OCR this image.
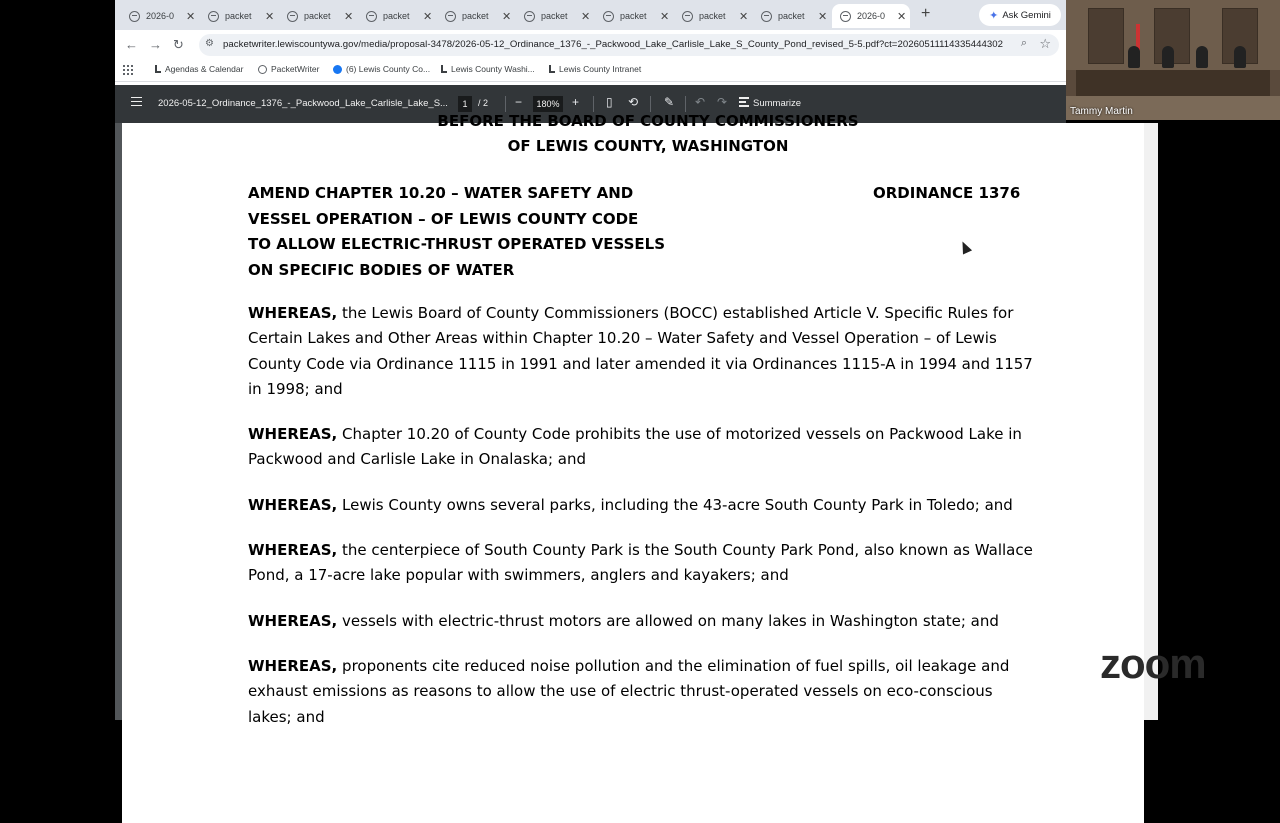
2026-0	✕	packet	✕	packet	✕	packet	✕	packet	✕	packet	✕	packet	✕	packet	✕	packet	✕	2026-0	✕ +	✦ Ask Gemini
← → ↻ ⚙ packetwriter.lewiscountywa.gov/media/proposal-3478/2026-05-12_Ordinance_1376_-_Packwood_Lake_Carlisle_Lake_S_County_Pond_revised_5-5.pdf?ct=20260511114335444302 ⌕ ☆
Agendas & Calendar	PacketWriter	(6) Lewis County Co... Lewis County Washi...	Lewis County Intranet
2026-05-12_Ordinance_1376_-_Packwood_Lake_Carlisle_Lake_S...	1	/ 2 −	180% + ▯ ⟲ ✎ ↶ ↷	Summarize
BEFORE THE BOARD OF COUNTY COMMISSIONERS
OF LEWIS COUNTY, WASHINGTON
AMEND CHAPTER 10.20 – WATER SAFETY AND
VESSEL OPERATION – OF LEWIS COUNTY CODE
TO ALLOW ELECTRIC-THRUST OPERATED VESSELS
ON SPECIFIC BODIES OF WATER
ORDINANCE 1376
WHEREAS, the Lewis Board of County Commissioners (BOCC) established Article V. Specific Rules for Certain Lakes and Other Areas within Chapter 10.20 – Water Safety and Vessel Operation – of Lewis County Code via Ordinance 1115 in 1991 and later amended it via Ordinances 1115-A in 1994 and 1157 in 1998; and
WHEREAS, Chapter 10.20 of County Code prohibits the use of motorized vessels on Packwood Lake in Packwood and Carlisle Lake in Onalaska; and
WHEREAS, Lewis County owns several parks, including the 43-acre South County Park in Toledo; and
WHEREAS, the centerpiece of South County Park is the South County Park Pond, also known as Wallace Pond, a 17-acre lake popular with swimmers, anglers and kayakers; and
WHEREAS, vessels with electric-thrust motors are allowed on many lakes in Washington state; and
WHEREAS, proponents cite reduced noise pollution and the elimination of fuel spills, oil leakage and exhaust emissions as reasons to allow the use of electric thrust-operated vessels on eco-conscious lakes; and
Tammy Martin
zoom
